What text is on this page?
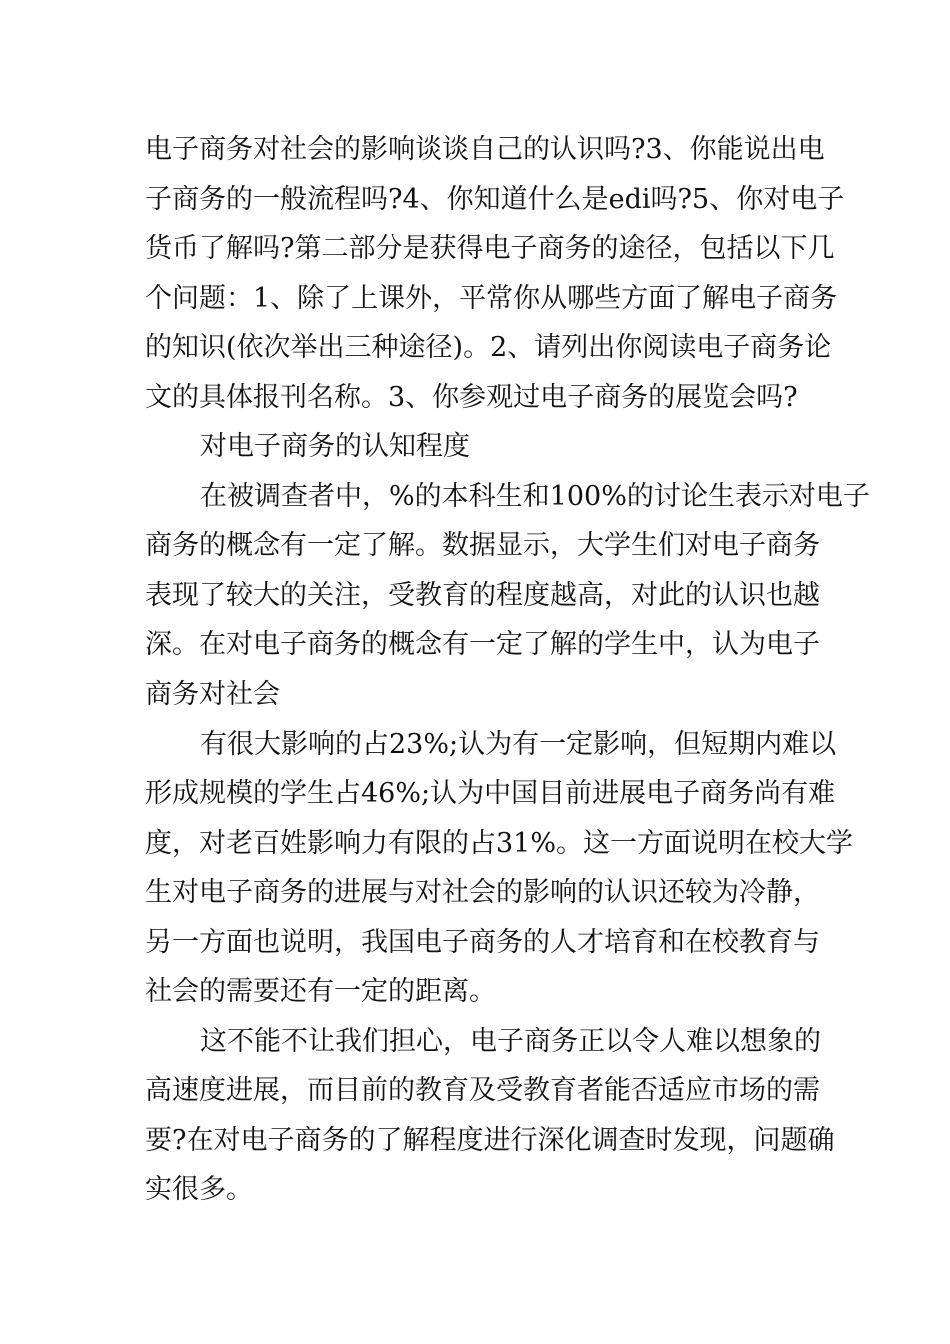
电子商务对社会的影响谈谈自己的认识吗?3、你能说出电
子商务的一般流程吗?4、你知道什么是edi吗?5、你对电子
货币了解吗?第二部分是获得电子商务的途径，包括以下几
个问题：1、除了上课外，平常你从哪些方面了解电子商务
的知识(依次举出三种途径)。2、请列出你阅读电子商务论
文的具体报刊名称。3、你参观过电子商务的展览会吗?
对电子商务的认知程度
在被调查者中，%的本科生和100%的讨论生表示对电子
商务的概念有一定了解。数据显示，大学生们对电子商务
表现了较大的关注，受教育的程度越高，对此的认识也越
深。在对电子商务的概念有一定了解的学生中，认为电子
商务对社会
有很大影响的占23%;认为有一定影响，但短期内难以
形成规模的学生占46%;认为中国目前进展电子商务尚有难
度，对老百姓影响力有限的占31%。这一方面说明在校大学
生对电子商务的进展与对社会的影响的认识还较为冷静，
另一方面也说明，我国电子商务的人才培育和在校教育与
社会的需要还有一定的距离。
这不能不让我们担心，电子商务正以令人难以想象的
高速度进展，而目前的教育及受教育者能否适应市场的需
要?在对电子商务的了解程度进行深化调查时发现，问题确
实很多。
